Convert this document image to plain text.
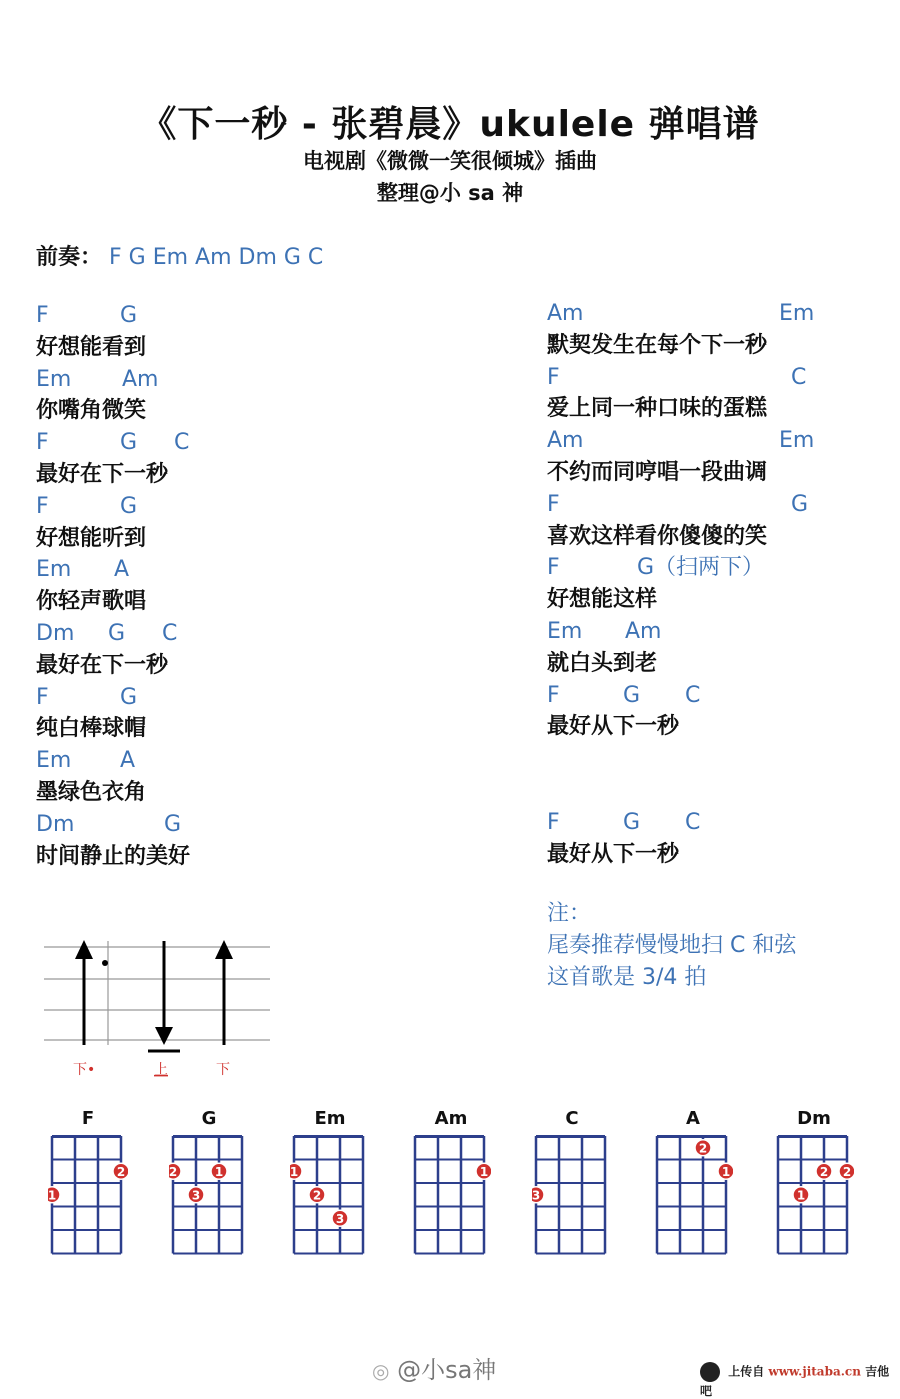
《下一秒 - 张碧晨》ukulele 弹唱谱
电视剧《微微一笑很倾城》插曲
整理@小 sa 神
前奏： F G Em Am Dm G C
F	G
好想能看到
Em Am
你嘴角微笑
F	G C
最好在下一秒
F	G
好想能听到
Em A
你轻声歌唱
Dm G C
最好在下一秒
F	G
纯白棒球帽
Em A
墨绿色衣角
Dm	G
时间静止的美好
Am	Em
默契发生在每个下一秒
F	C
爱上同一种口味的蛋糕
Am	Em
不约而同哼唱一段曲调
F	G
喜欢这样看你傻傻的笑
F	G（扫两下）
好想能这样
Em Am
就白头到老
F	G C
最好从下一秒
F	G C
最好从下一秒
注：
尾奏推荐慢慢地扫 C 和弦
这首歌是 3/4 拍
下•	上	下
F
1
2
G
1
2
3
Em
1
2
3
Am
1
C
3
A
1
2
Dm
1
2
2
◎ @小sa神	上传自 www.jitaba.cn 吉他吧
